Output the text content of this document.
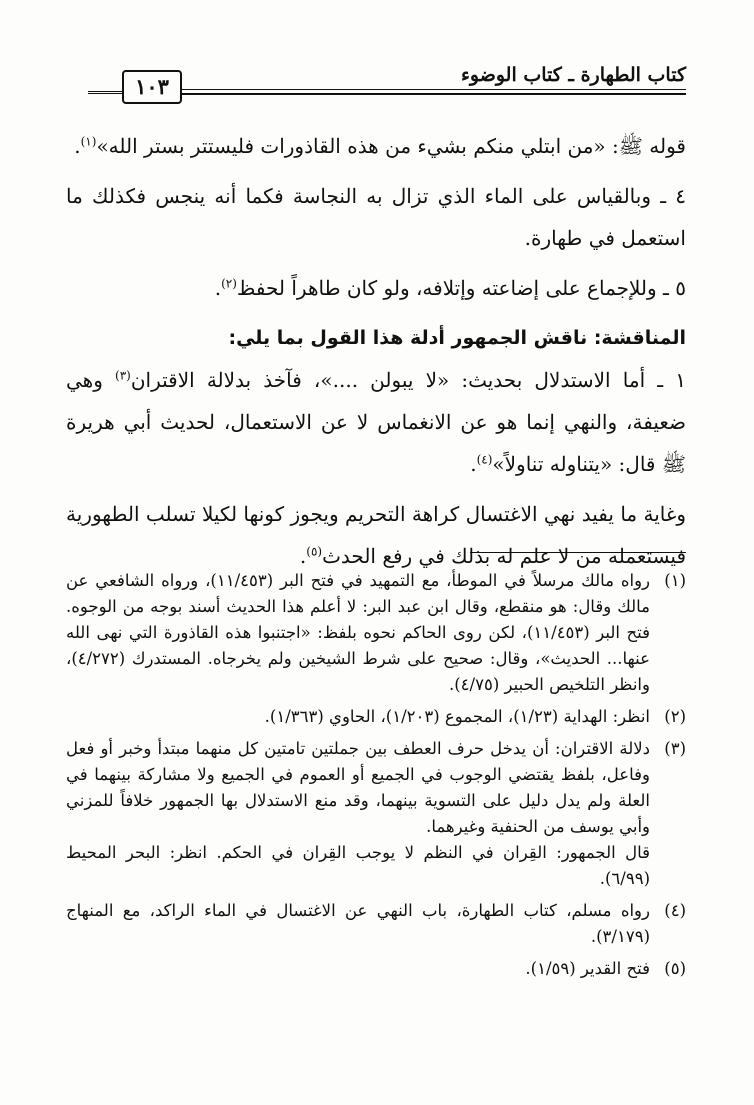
كتاب الطهارة ـ كتاب الوضوء
١٠٣

قوله ﷺ: «من ابتلي منكم بشيء من هذه القاذورات فليستتر بستر الله»$^{(١)}$.

٤ ـ وبالقياس على الماء الذي تزال به النجاسة فكما أنه ينجس فكذلك ما استعمل في طهارة.

٥ ـ وللإجماع على إضاعته وإتلافه، ولو كان طاهراً لحفظ$^{(٢)}$.

المناقشة: ناقش الجمهور أدلة هذا القول بما يلي:

١ ـ أما الاستدلال بحديث: «لا يبولن ....»، فآخذ بدلالة الاقتران$^{(٣)}$ وهي ضعيفة، والنهي إنما هو عن الانغماس لا عن الاستعمال، لحديث أبي هريرة ﷺ قال: «يتناوله تناولاً»$^{(٤)}$.

وغاية ما يفيد نهي الاغتسال كراهة التحريم ويجوز كونها لكيلا تسلب الطهورية فيستعمله من لا علم له بذلك في رفع الحدث$^{(٥)}$.

(١)

رواه مالك مرسلاً في الموطأ، مع التمهيد في فتح البر (١١/٤٥٣)، ورواه الشافعي عن مالك وقال: هو منقطع، وقال ابن عبد البر: لا أعلم هذا الحديث أسند بوجه من الوجوه. فتح البر (١١/٤٥٣)، لكن روى الحاكم نحوه بلفظ: «اجتنبوا هذه القاذورة التي نهى الله عنها... الحديث»، وقال: صحيح على شرط الشيخين ولم يخرجاه. المستدرك (٤/٢٧٢)، وانظر التلخيص الحبير (٤/٧٥).

(٢)

انظر: الهداية (١/٢٣)، المجموع (١/٢٠٣)، الحاوي (١/٣٦٣).

(٣)

دلالة الاقتران: أن يدخل حرف العطف بين جملتين تامتين كل منهما مبتدأ وخبر أو فعل وفاعل، بلفظ يقتضي الوجوب في الجميع أو العموم في الجميع ولا مشاركة بينهما في العلة ولم يدل دليل على التسوية بينهما، وقد منع الاستدلال بها الجمهور خلافاً للمزني وأبي يوسف من الحنفية وغيرهما.

قال الجمهور: القِران في النظم لا يوجب القِران في الحكم. انظر: البحر المحيط (٦/٩٩).

(٤)

رواه مسلم، كتاب الطهارة، باب النهي عن الاغتسال في الماء الراكد، مع المنهاج (٣/١٧٩).

(٥)

فتح القدير (١/٥٩).
